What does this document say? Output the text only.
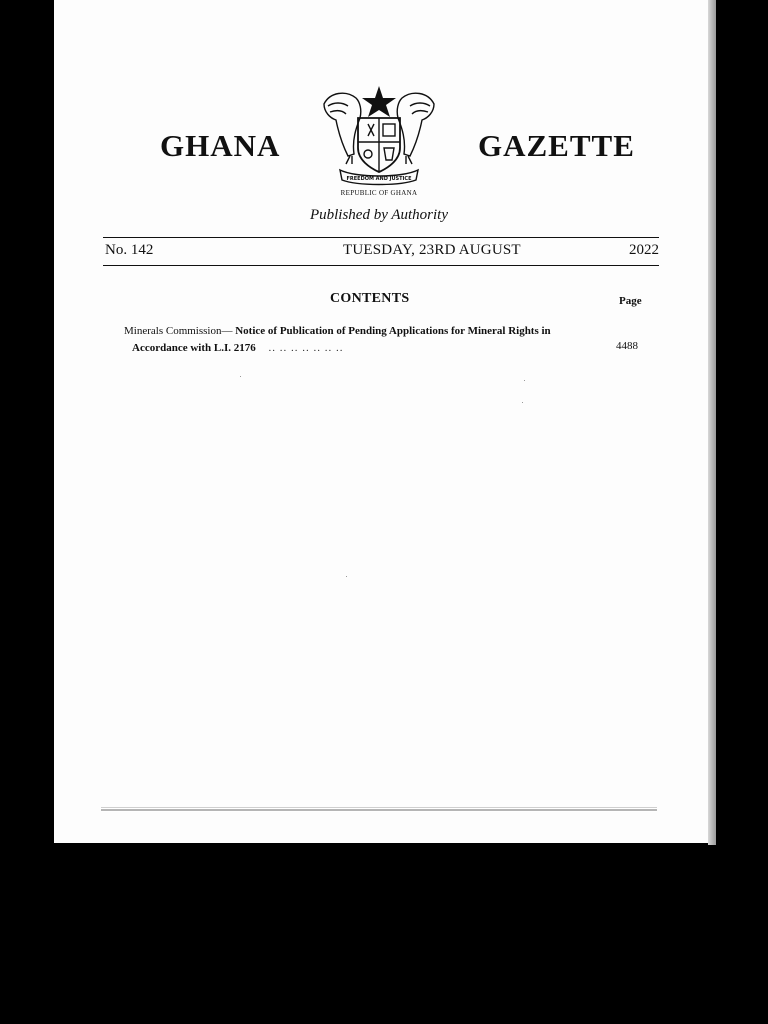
GHANA
FREEDOM AND JUSTICE
GAZETTE
REPUBLIC OF GHANA
Published by Authority
No. 142	TUESDAY, 23RD AUGUST	2022
CONTENTS	Page
Minerals Commission— Notice of Publication of Pending Applications for Mineral Rights in
Accordance with L.I. 2176 .. .. .. .. .. .. ..	4488
